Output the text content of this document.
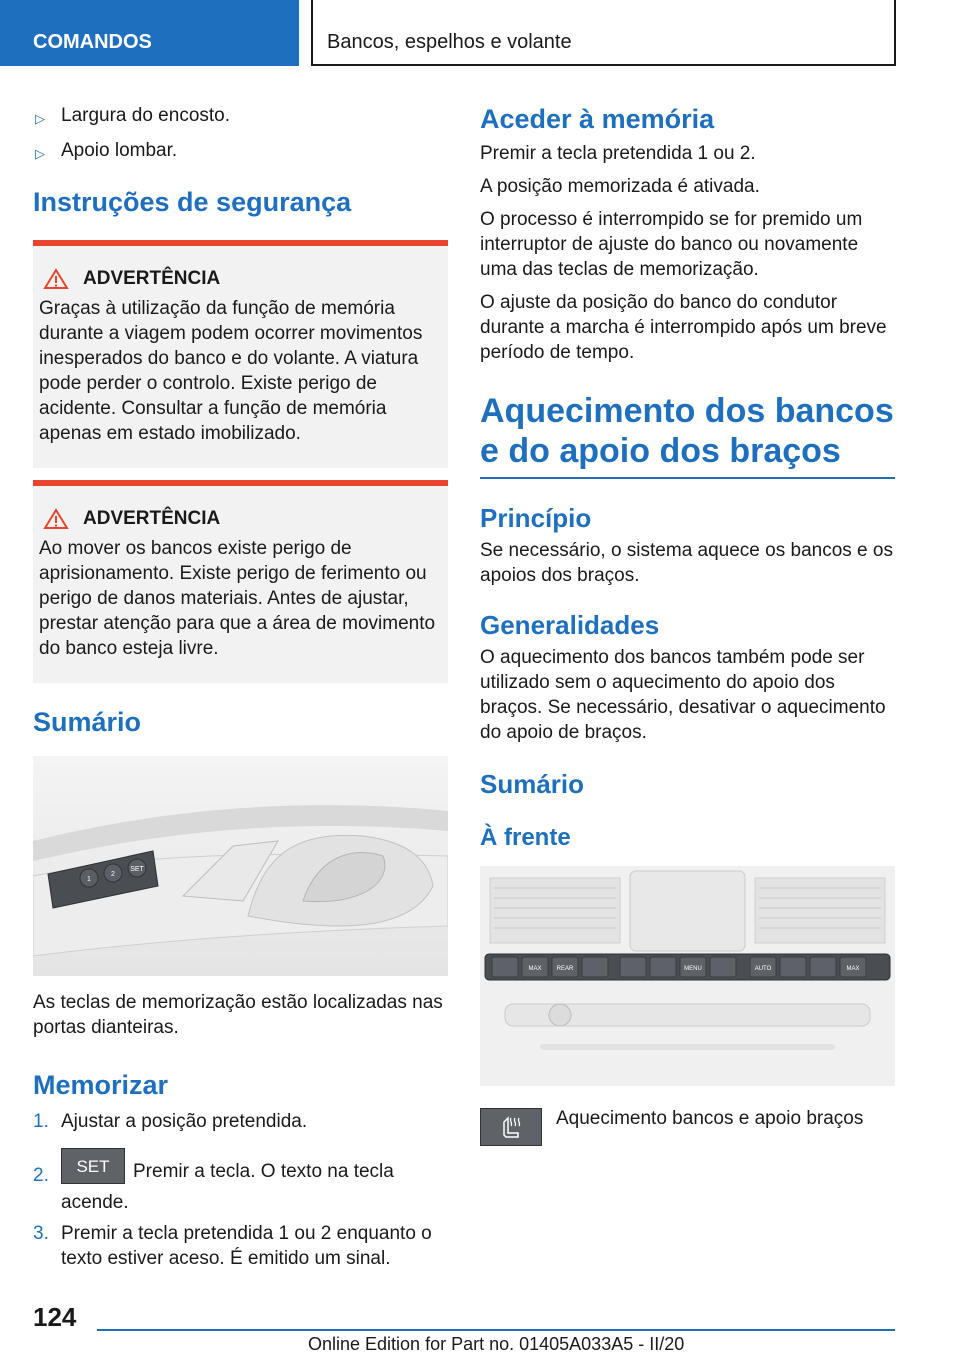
COMANDOS	Bancos, espelhos e volante
▷ Largura do encosto.
▷ Apoio lombar.
Instruções de segurança
ADVERTÊNCIA

Graças à utilização da função de memória durante a viagem podem ocorrer movimentos inesperados do banco e do volante. A viatura pode perder o controlo. Existe perigo de acidente. Consultar a função de memória apenas em estado imobilizado.

ADVERTÊNCIA

Ao mover os bancos existe perigo de aprisionamento. Existe perigo de ferimento ou perigo de danos materiais. Antes de ajustar, prestar atenção para que a área de movimento do banco esteja livre.

Sumário
1
2
SET

As teclas de memorização estão localizadas nas portas dianteiras.

Memorizar
1. Ajustar a posição pretendida.
2. SET Premir a tecla. O texto na tecla acende.
3. Premir a tecla pretendida 1 ou 2 enquanto o texto estiver aceso. É emitido um sinal.
Aceder à memória

Premir a tecla pretendida 1 ou 2.

A posição memorizada é ativada.

O processo é interrompido se for premido um interruptor de ajuste do banco ou novamente uma das teclas de memorização.

O ajuste da posição do banco do condutor durante a marcha é interrompido após um breve período de tempo.

Aquecimento dos bancos e do apoio dos braços
Princípio

Se necessário, o sistema aquece os bancos e os apoios dos braços.

Generalidades

O aquecimento dos bancos também pode ser utilizado sem o aquecimento do apoio dos braços. Se necessário, desativar o aquecimento do apoio de braços.

Sumário
À frente
MAX	REAR	MENU	AUTO	MAX

Aquecimento bancos e apoio braços

124
Online Edition for Part no. 01405A033A5 - II/20
